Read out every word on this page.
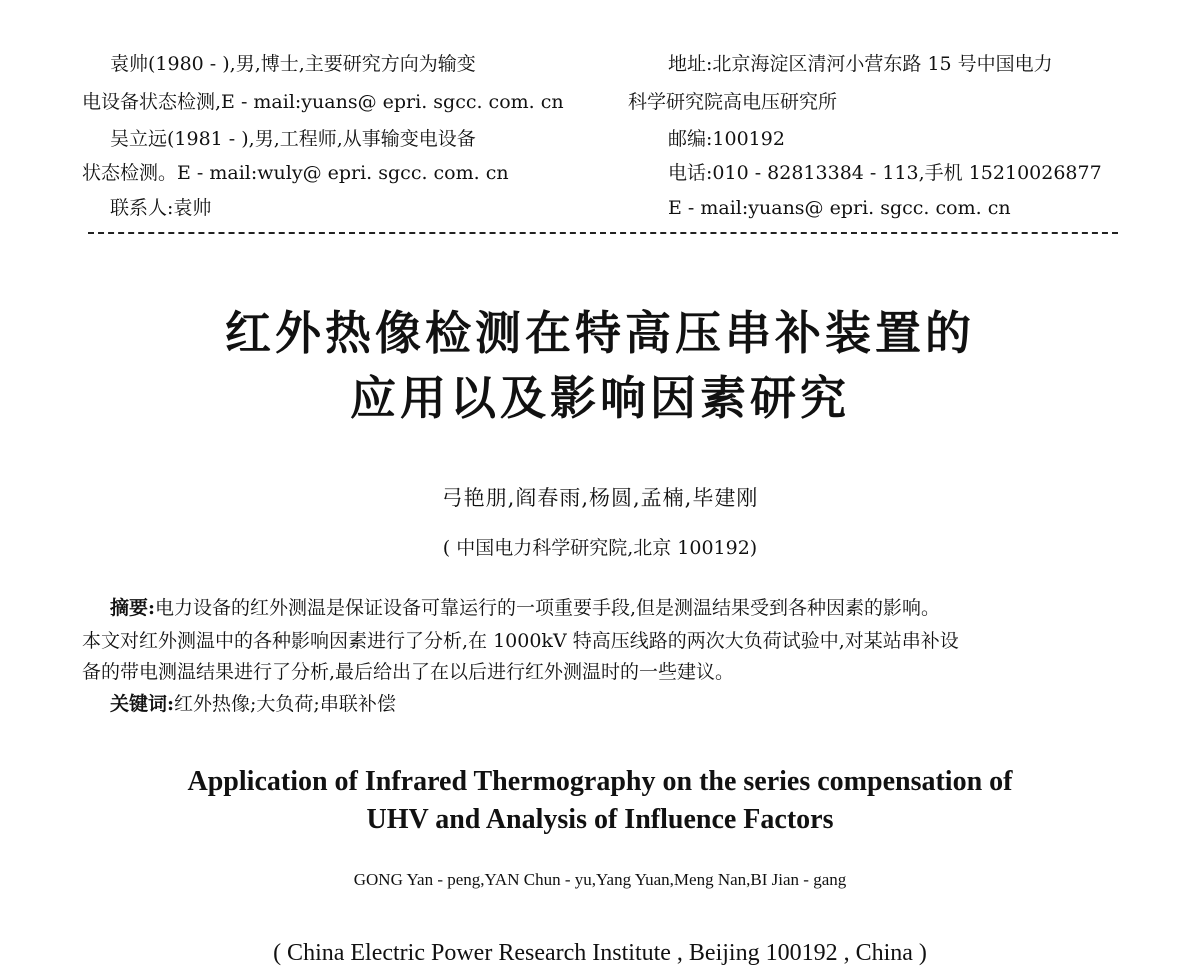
袁帅(1980 - ),男,博士,主要研究方向为输变
电设备状态检测,E - mail:yuans@ epri. sgcc. com. cn
吴立远(1981 - ),男,工程师,从事输变电设备
状态检测。E - mail:wuly@ epri. sgcc. com. cn
联系人:袁帅
地址:北京海淀区清河小营东路 15 号中国电力
科学研究院高电压研究所
邮编:100192
电话:010 - 82813384 - 113,手机 15210026877
E - mail:yuans@ epri. sgcc. com. cn
红外热像检测在特高压串补装置的
应用以及影响因素研究
弓艳朋,阎春雨,杨圆,孟楠,毕建刚
( 中国电力科学研究院,北京 100192)
摘要:电力设备的红外测温是保证设备可靠运行的一项重要手段,但是测温结果受到各种因素的影响。
本文对红外测温中的各种影响因素进行了分析,在 1000kV 特高压线路的两次大负荷试验中,对某站串补设
备的带电测温结果进行了分析,最后给出了在以后进行红外测温时的一些建议。
关键词:红外热像;大负荷;串联补偿
Application of Infrared Thermography on the series compensation of
UHV and Analysis of Influence Factors
GONG Yan - peng,YAN Chun - yu,Yang Yuan,Meng Nan,BI Jian - gang
( China Electric Power Research Institute , Beijing 100192 , China )
